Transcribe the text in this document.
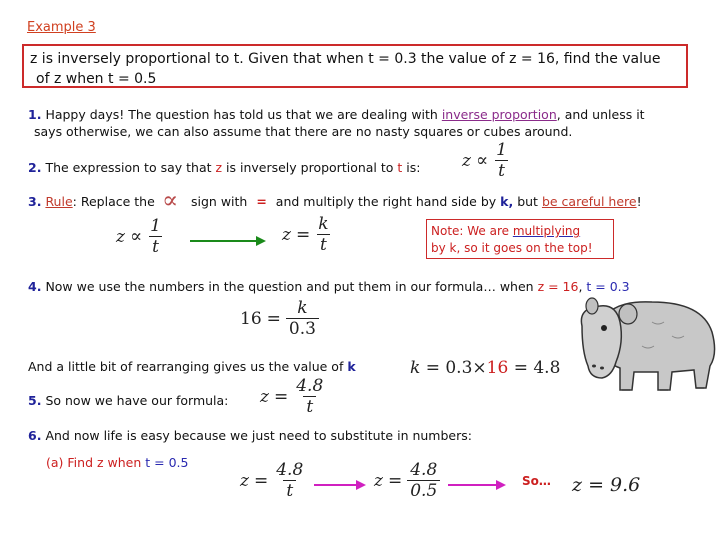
Example 3
z is inversely proportional to t. Given that when t = 0.3 the value of z = 16, find the value
of z when t = 0.5
1. Happy days! The question has told us that we are dealing with inverse proportion, and unless it
says otherwise, we can also assume that there are no nasty squares or cubes around.
2. The expression to say that z is inversely proportional to t is: $z \propto \frac{1}{t}$
3. Rule: Replace the ∝ sign with = and multiply the right hand side by k, but be careful here!
$z \propto \frac{1}{t}$	$z = \frac{k}{t}$	Note: We are multiplying
by k, so it goes on the top!
4. Now we use the numbers in the question and put them in our formula… when z = 16, t = 0.3
$16 = \frac{k}{0.3}$
And a little bit of rearranging gives us the value of k	k = 0.3×16 = 4.8
5. So now we have our formula: $z = \frac{4.8}{t}$
6. And now life is easy because we just need to substitute in numbers:
(a) Find z when t = 0.5
$z = \frac{4.8}{t}$	$z = \frac{4.8}{0.5}$	So… z = 9.6
